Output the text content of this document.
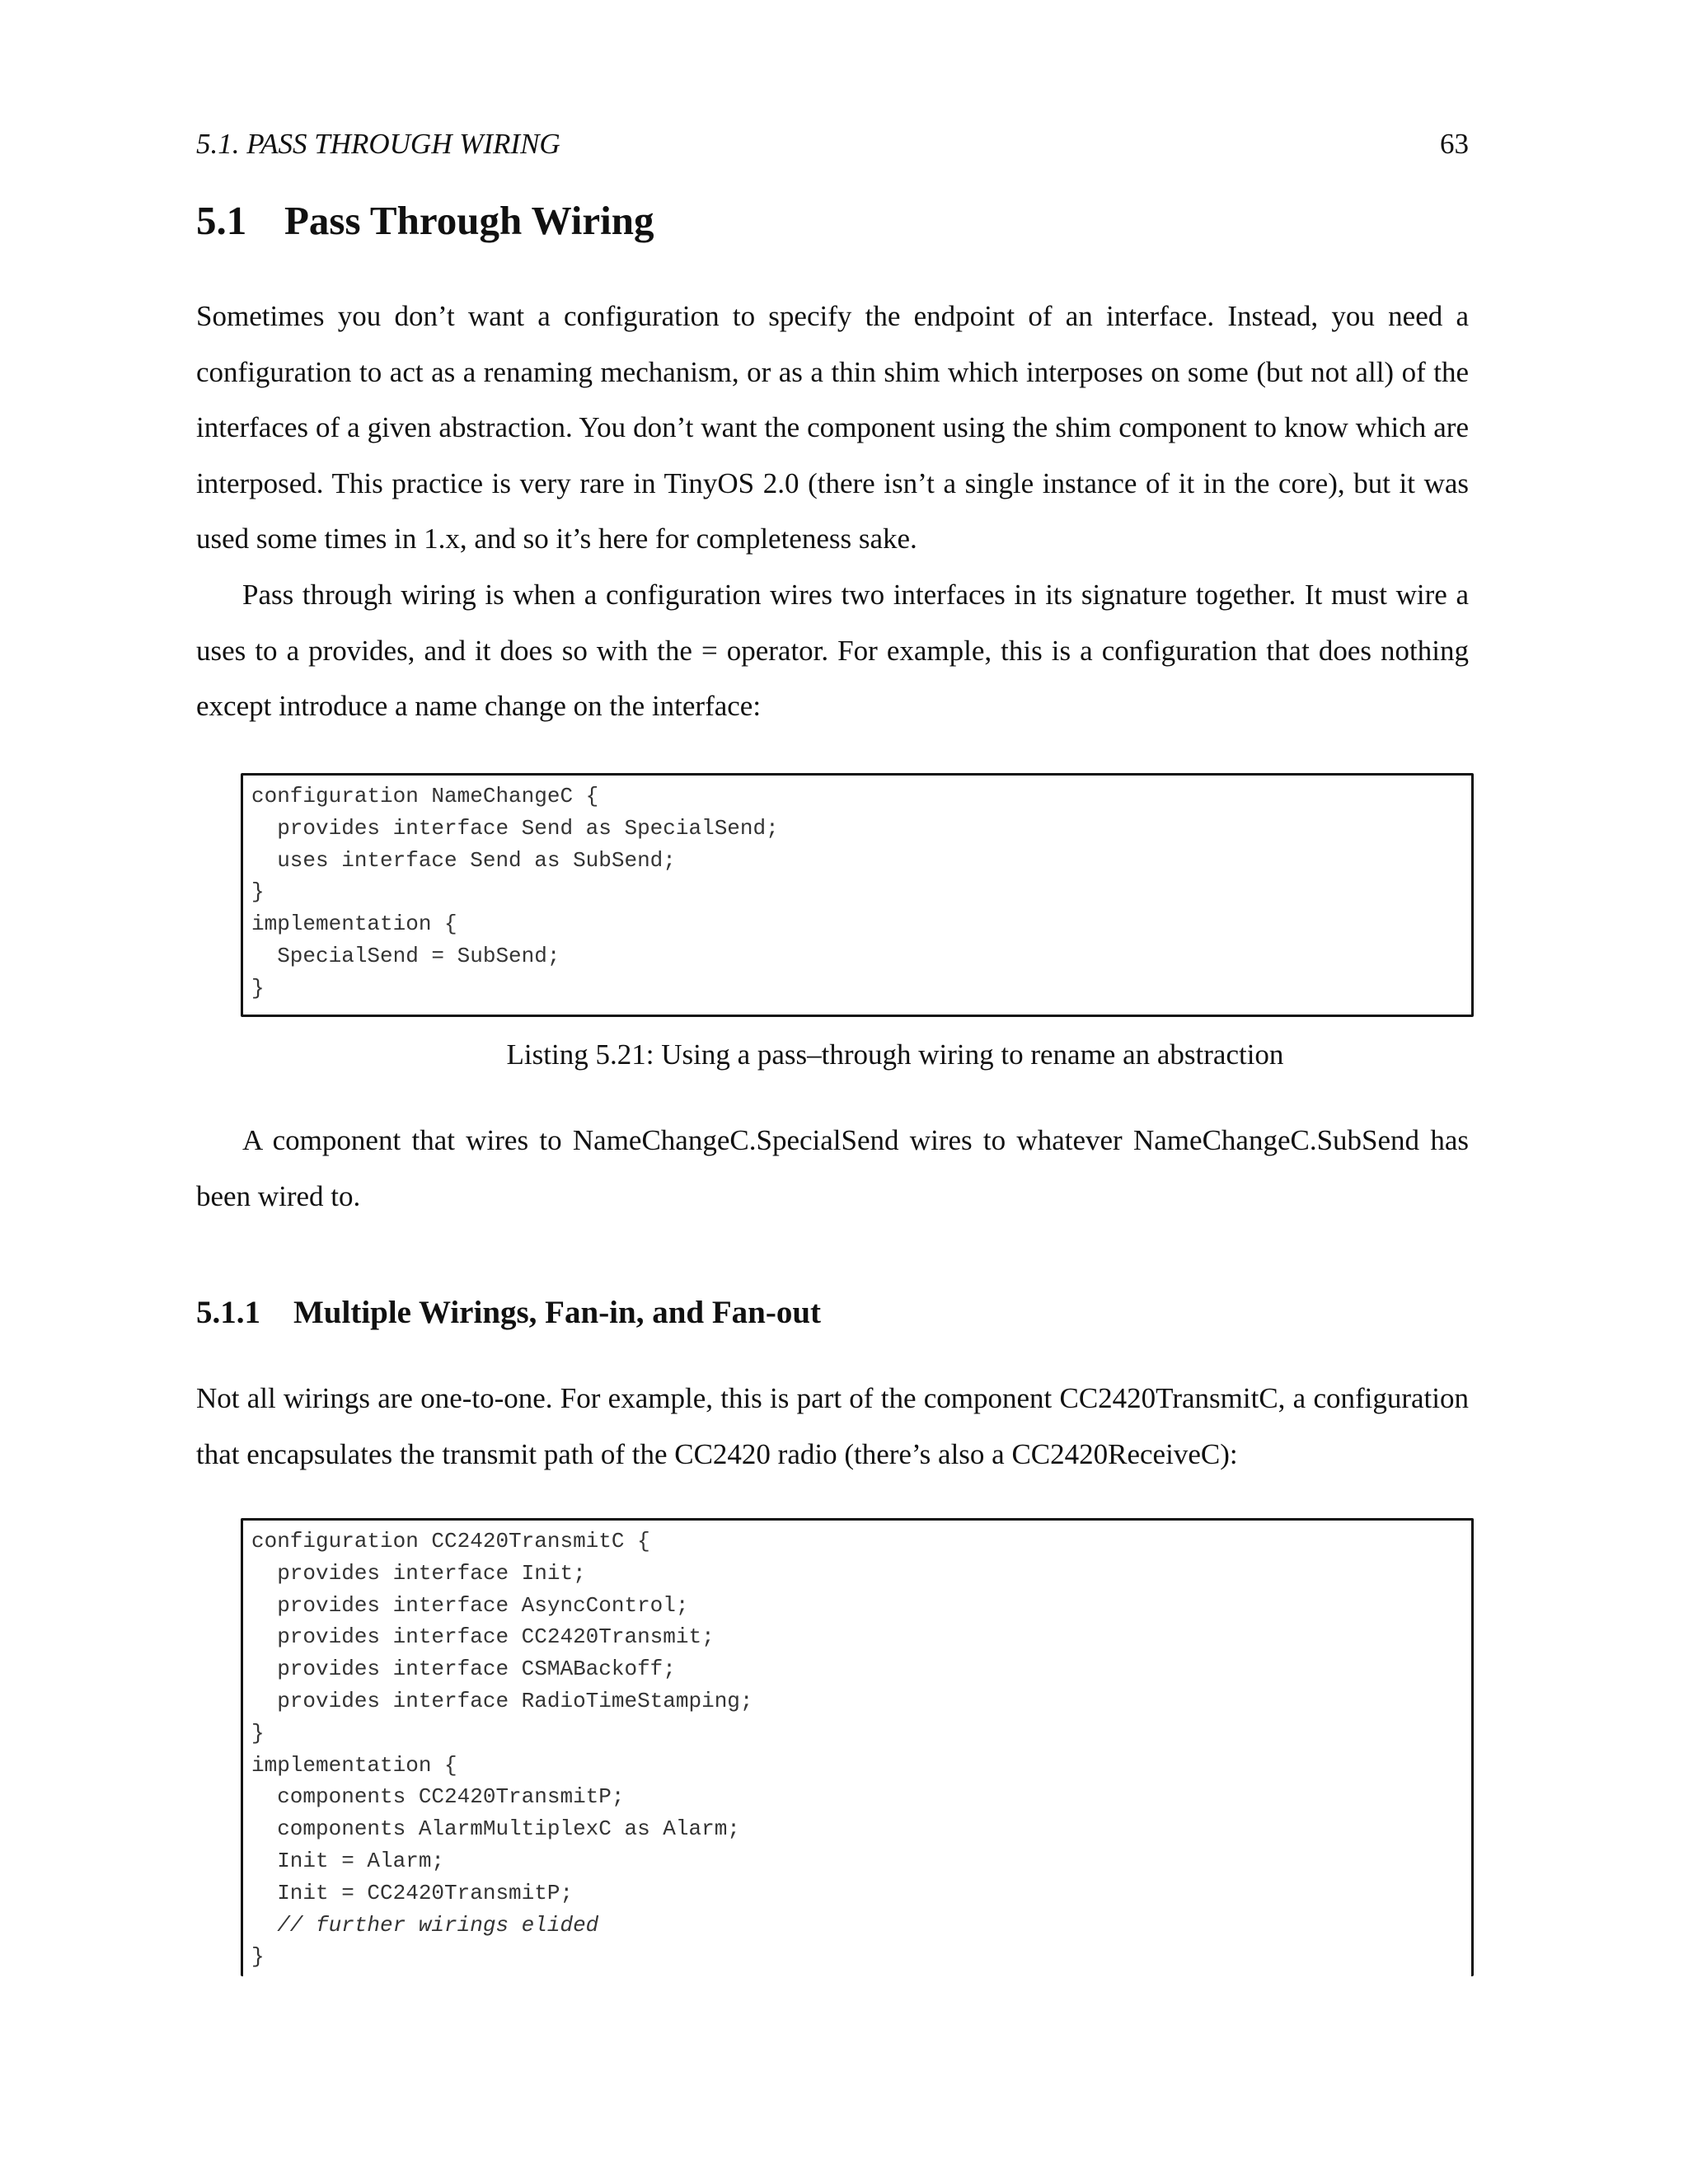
5.1. PASS THROUGH WIRING	63
5.1 Pass Through Wiring

Sometimes you don’t want a configuration to specify the endpoint of an interface. Instead, you need a configuration to act as a renaming mechanism, or as a thin shim which interposes on some (but not all) of the interfaces of a given abstraction. You don’t want the component using the shim component to know which are interposed. This practice is very rare in TinyOS 2.0 (there isn’t a single instance of it in the core), but it was used some times in 1.x, and so it’s here for completeness sake.

Pass through wiring is when a configuration wires two interfaces in its signature together. It must wire a uses to a provides, and it does so with the = operator. For example, this is a configuration that does nothing except introduce a name change on the interface:

configuration NameChangeC {
provides interface Send as SpecialSend;
uses interface Send as SubSend;
}
implementation {
SpecialSend = SubSend;
}

Listing 5.21: Using a pass–through wiring to rename an abstraction

A component that wires to NameChangeC.SpecialSend wires to whatever NameChangeC.SubSend has been wired to.

5.1.1 Multiple Wirings, Fan-in, and Fan-out

Not all wirings are one-to-one. For example, this is part of the component CC2420TransmitC, a configuration that encapsulates the transmit path of the CC2420 radio (there’s also a CC2420ReceiveC):

configuration CC2420TransmitC {
provides interface Init;
provides interface AsyncControl;
provides interface CC2420Transmit;
provides interface CSMABackoff;
provides interface RadioTimeStamping;
}
implementation {
components CC2420TransmitP;
components AlarmMultiplexC as Alarm;
Init = Alarm;
Init = CC2420TransmitP;
// further wirings elided
}
